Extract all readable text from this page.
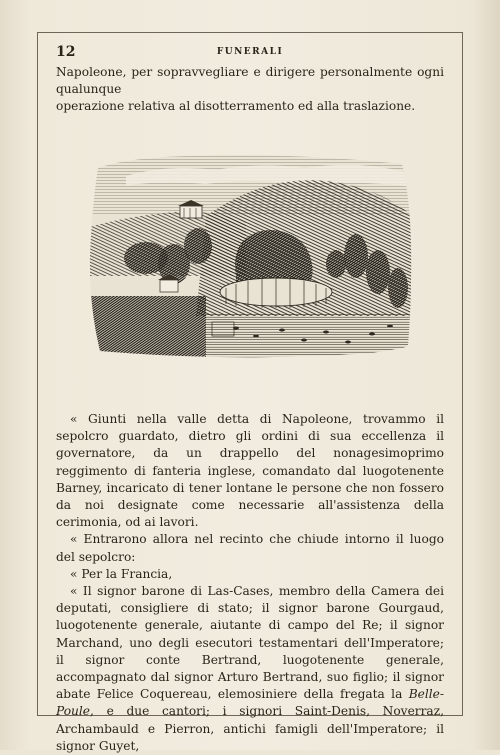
12	FUNERALI

Napoleone, per sopravvegliare e dirigere personalmente ogni qualunque

operazione relativa al disotterramento ed alla traslazione.

« Giunti nella valle detta di Napoleone, trovammo il sepolcro guardato, dietro gli ordini di sua eccellenza il governatore, da un drappello del nonagesimoprimo reggimento di fanteria inglese, comandato dal luogotenente Barney, incaricato di tener lontane le persone che non fossero da noi designate come necessarie all'assistenza della cerimonia, od ai lavori.

« Entrarono allora nel recinto che chiude intorno il luogo del sepolcro:

« Per la Francia,

« Il signor barone di Las-Cases, membro della Camera dei deputati, consigliere di stato; il signor barone Gourgaud, luogotenente generale, aiutante di campo del Re; il signor Marchand, uno degli esecutori testamentari dell'Imperatore; il signor conte Bertrand, luogotenente generale, accompagnato dal signor Arturo Bertrand, suo figlio; il signor abate Felice Coquereau, elemosiniere della fregata la Belle-Poule, e due cantori; i signori Saint-Denis, Noverraz, Archambauld e Pierron, antichi famigli dell'Imperatore; il signor Guyet,
